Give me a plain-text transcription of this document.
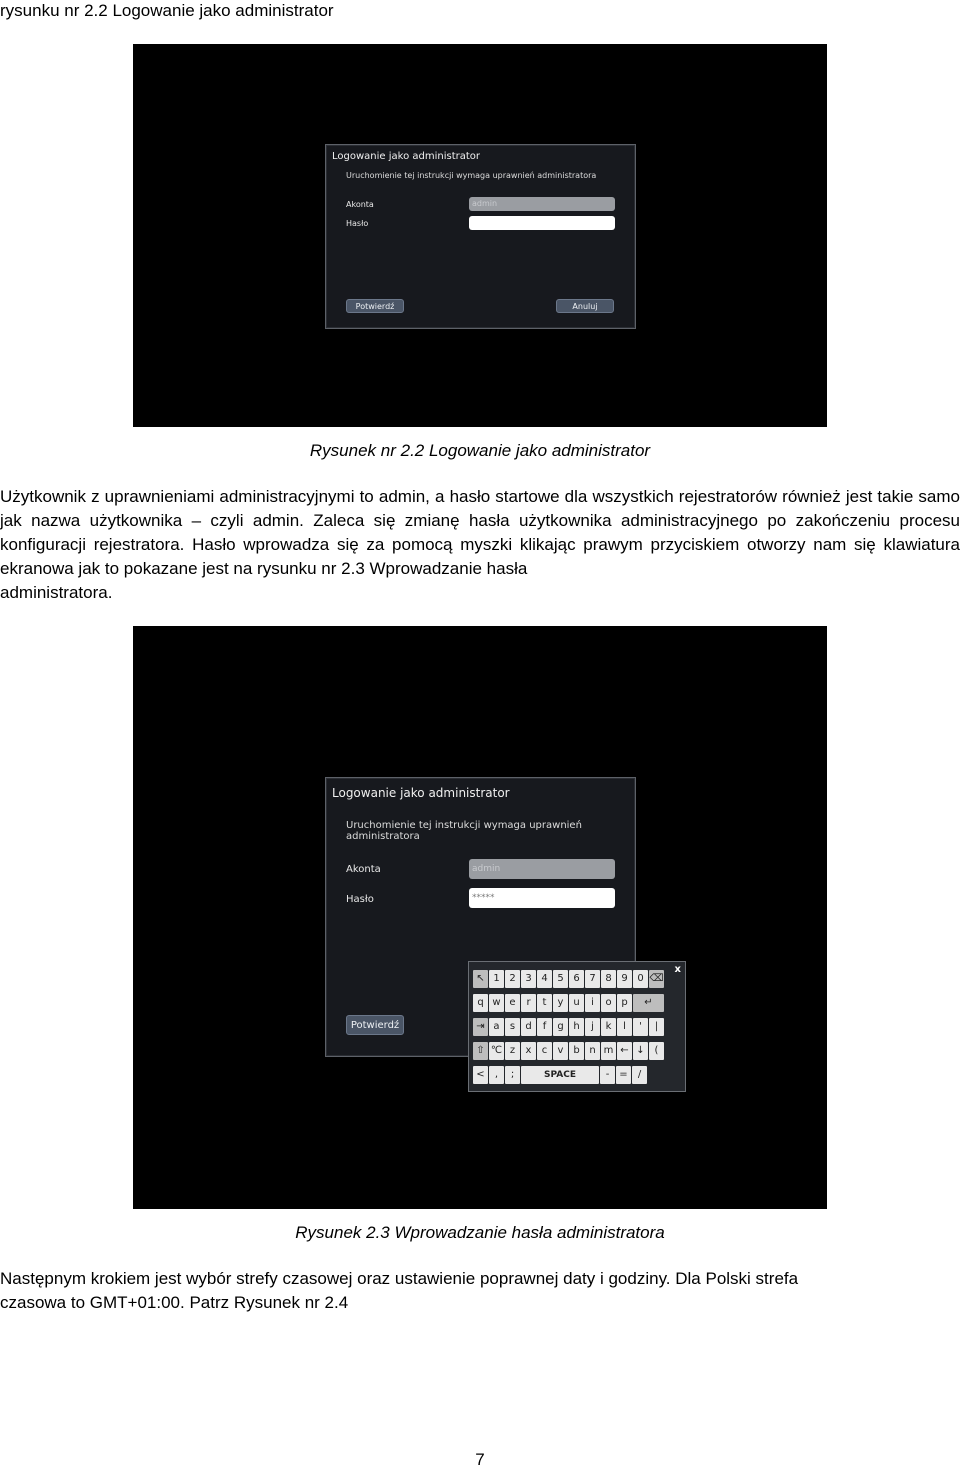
rysunku nr 2.2 Logowanie jako administrator
Logowanie jako administrator
Uruchomienie tej instrukcji wymaga uprawnień administratora
Akonta	admin
Hasło
Potwierdź	Anuluj
Rysunek nr 2.2 Logowanie jako administrator
Użytkownik z uprawnieniami administracyjnymi to admin, a hasło startowe dla wszystkich rejestratorów również jest takie samo jak nazwa użytkownika – czyli admin. Zaleca się zmianę hasła użytkownika administracyjnego po zakończeniu procesu konfiguracji rejestratora. Hasło wprowadza się za pomocą myszki klikając prawym przyciskiem otworzy nam się klawiatura ekranowa jak to pokazane jest na rysunku nr 2.3 Wprowadzanie hasła
administratora.
Logowanie jako administrator
Uruchomienie tej instrukcji wymaga uprawnień administratora
Akonta	admin
Hasło	*****
Potwierdź
x
↖ 1 2 3 4 5 6 7 8 9 0 ⌫
q w e	r	t	y u	i	o p	↵
⇥ a	s	d	f	g h	j	k	l	'	|
⇧ ℃ z	x	c	v b n m ← ↓ (
<	,	;	SPACE	-	=	/
Rysunek 2.3 Wprowadzanie hasła administratora
Następnym krokiem jest wybór strefy czasowej oraz ustawienie poprawnej daty i godziny. Dla Polski strefa
czasowa to GMT+01:00. Patrz Rysunek nr 2.4
7
